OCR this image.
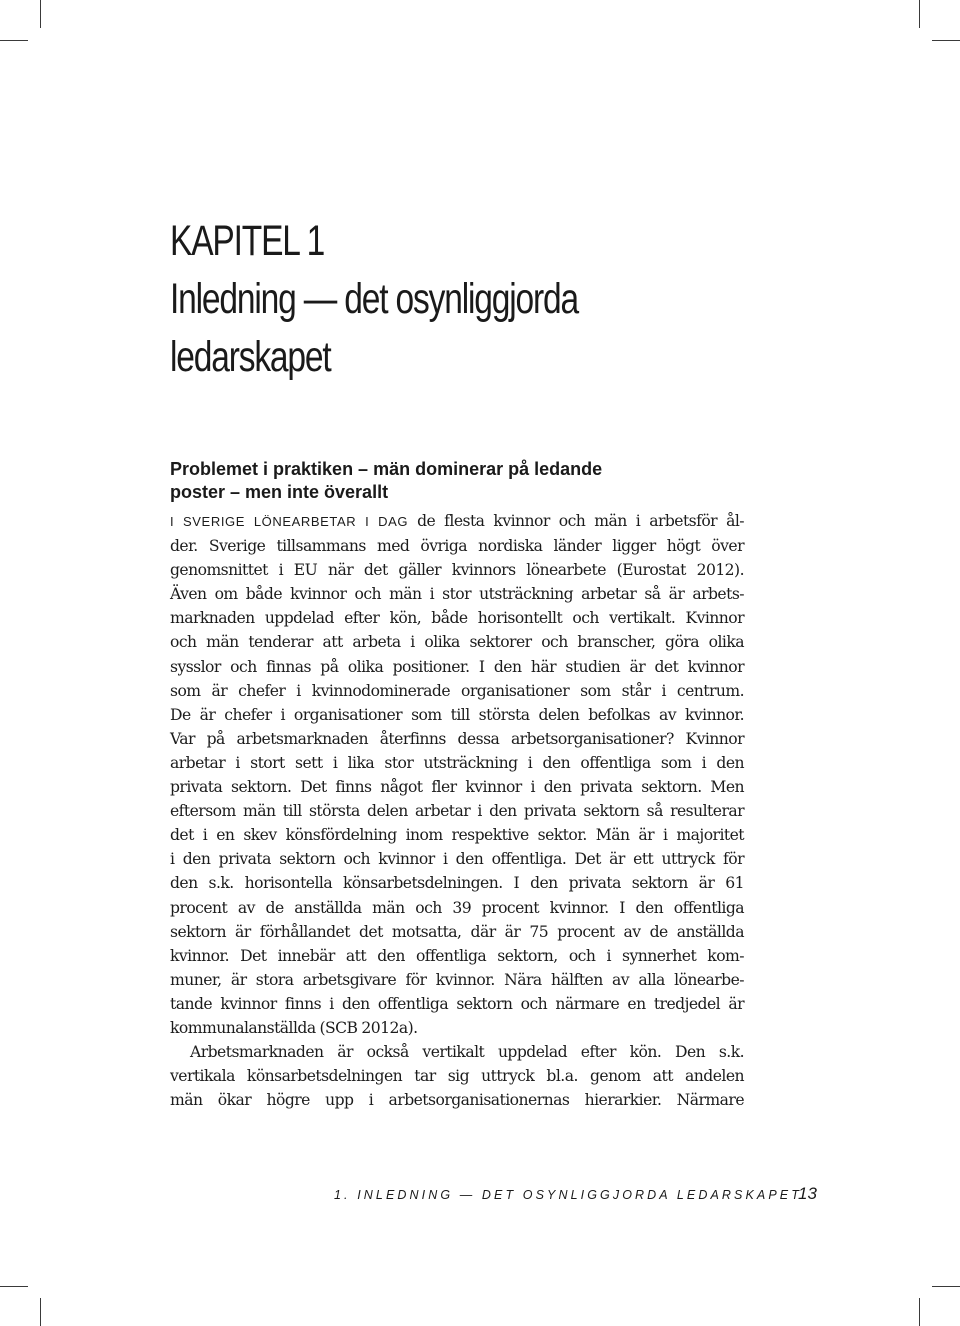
KAPITEL 1
Inledning — det osynliggjorda
ledarskapet
Problemet i praktiken – män dominerar på ledande
poster – men inte överallt
I SVERIGE LÖNEARBETAR I DAG de flesta kvinnor och män i arbetsför ål-
der. Sverige tillsammans med övriga nordiska länder ligger högt över
genomsnittet i EU när det gäller kvinnors lönearbete (Eurostat 2012).
Även om både kvinnor och män i stor utsträckning arbetar så är arbets-
marknaden uppdelad efter kön, både horisontellt och vertikalt. Kvinnor
och män tenderar att arbeta i olika sektorer och branscher, göra olika
sysslor och finnas på olika positioner. I den här studien är det kvinnor
som är chefer i kvinnodominerade organisationer som står i centrum.
De är chefer i organisationer som till största delen befolkas av kvinnor.
Var på arbetsmarknaden återfinns dessa arbetsorganisationer? Kvinnor
arbetar i stort sett i lika stor utsträckning i den offentliga som i den
privata sektorn. Det finns något fler kvinnor i den privata sektorn. Men
eftersom män till största delen arbetar i den privata sektorn så resulterar
det i en skev könsfördelning inom respektive sektor. Män är i majoritet
i den privata sektorn och kvinnor i den offentliga. Det är ett uttryck för
den s.k. horisontella könsarbetsdelningen. I den privata sektorn är 61
procent av de anställda män och 39 procent kvinnor. I den offentliga
sektorn är förhållandet det motsatta, där är 75 procent av de anställda
kvinnor. Det innebär att den offentliga sektorn, och i synnerhet kom-
muner, är stora arbetsgivare för kvinnor. Nära hälften av alla lönearbe-
tande kvinnor finns i den offentliga sektorn och närmare en tredjedel är
kommunalanställda (SCB 2012a).
Arbetsmarknaden är också vertikalt uppdelad efter kön. Den s.k.
vertikala könsarbetsdelningen tar sig uttryck bl.a. genom att andelen
män ökar högre upp i arbetsorganisationernas hierarkier. Närmare
1. INLEDNING — DET OSYNLIGGJORDA LEDARSKAPET
13
